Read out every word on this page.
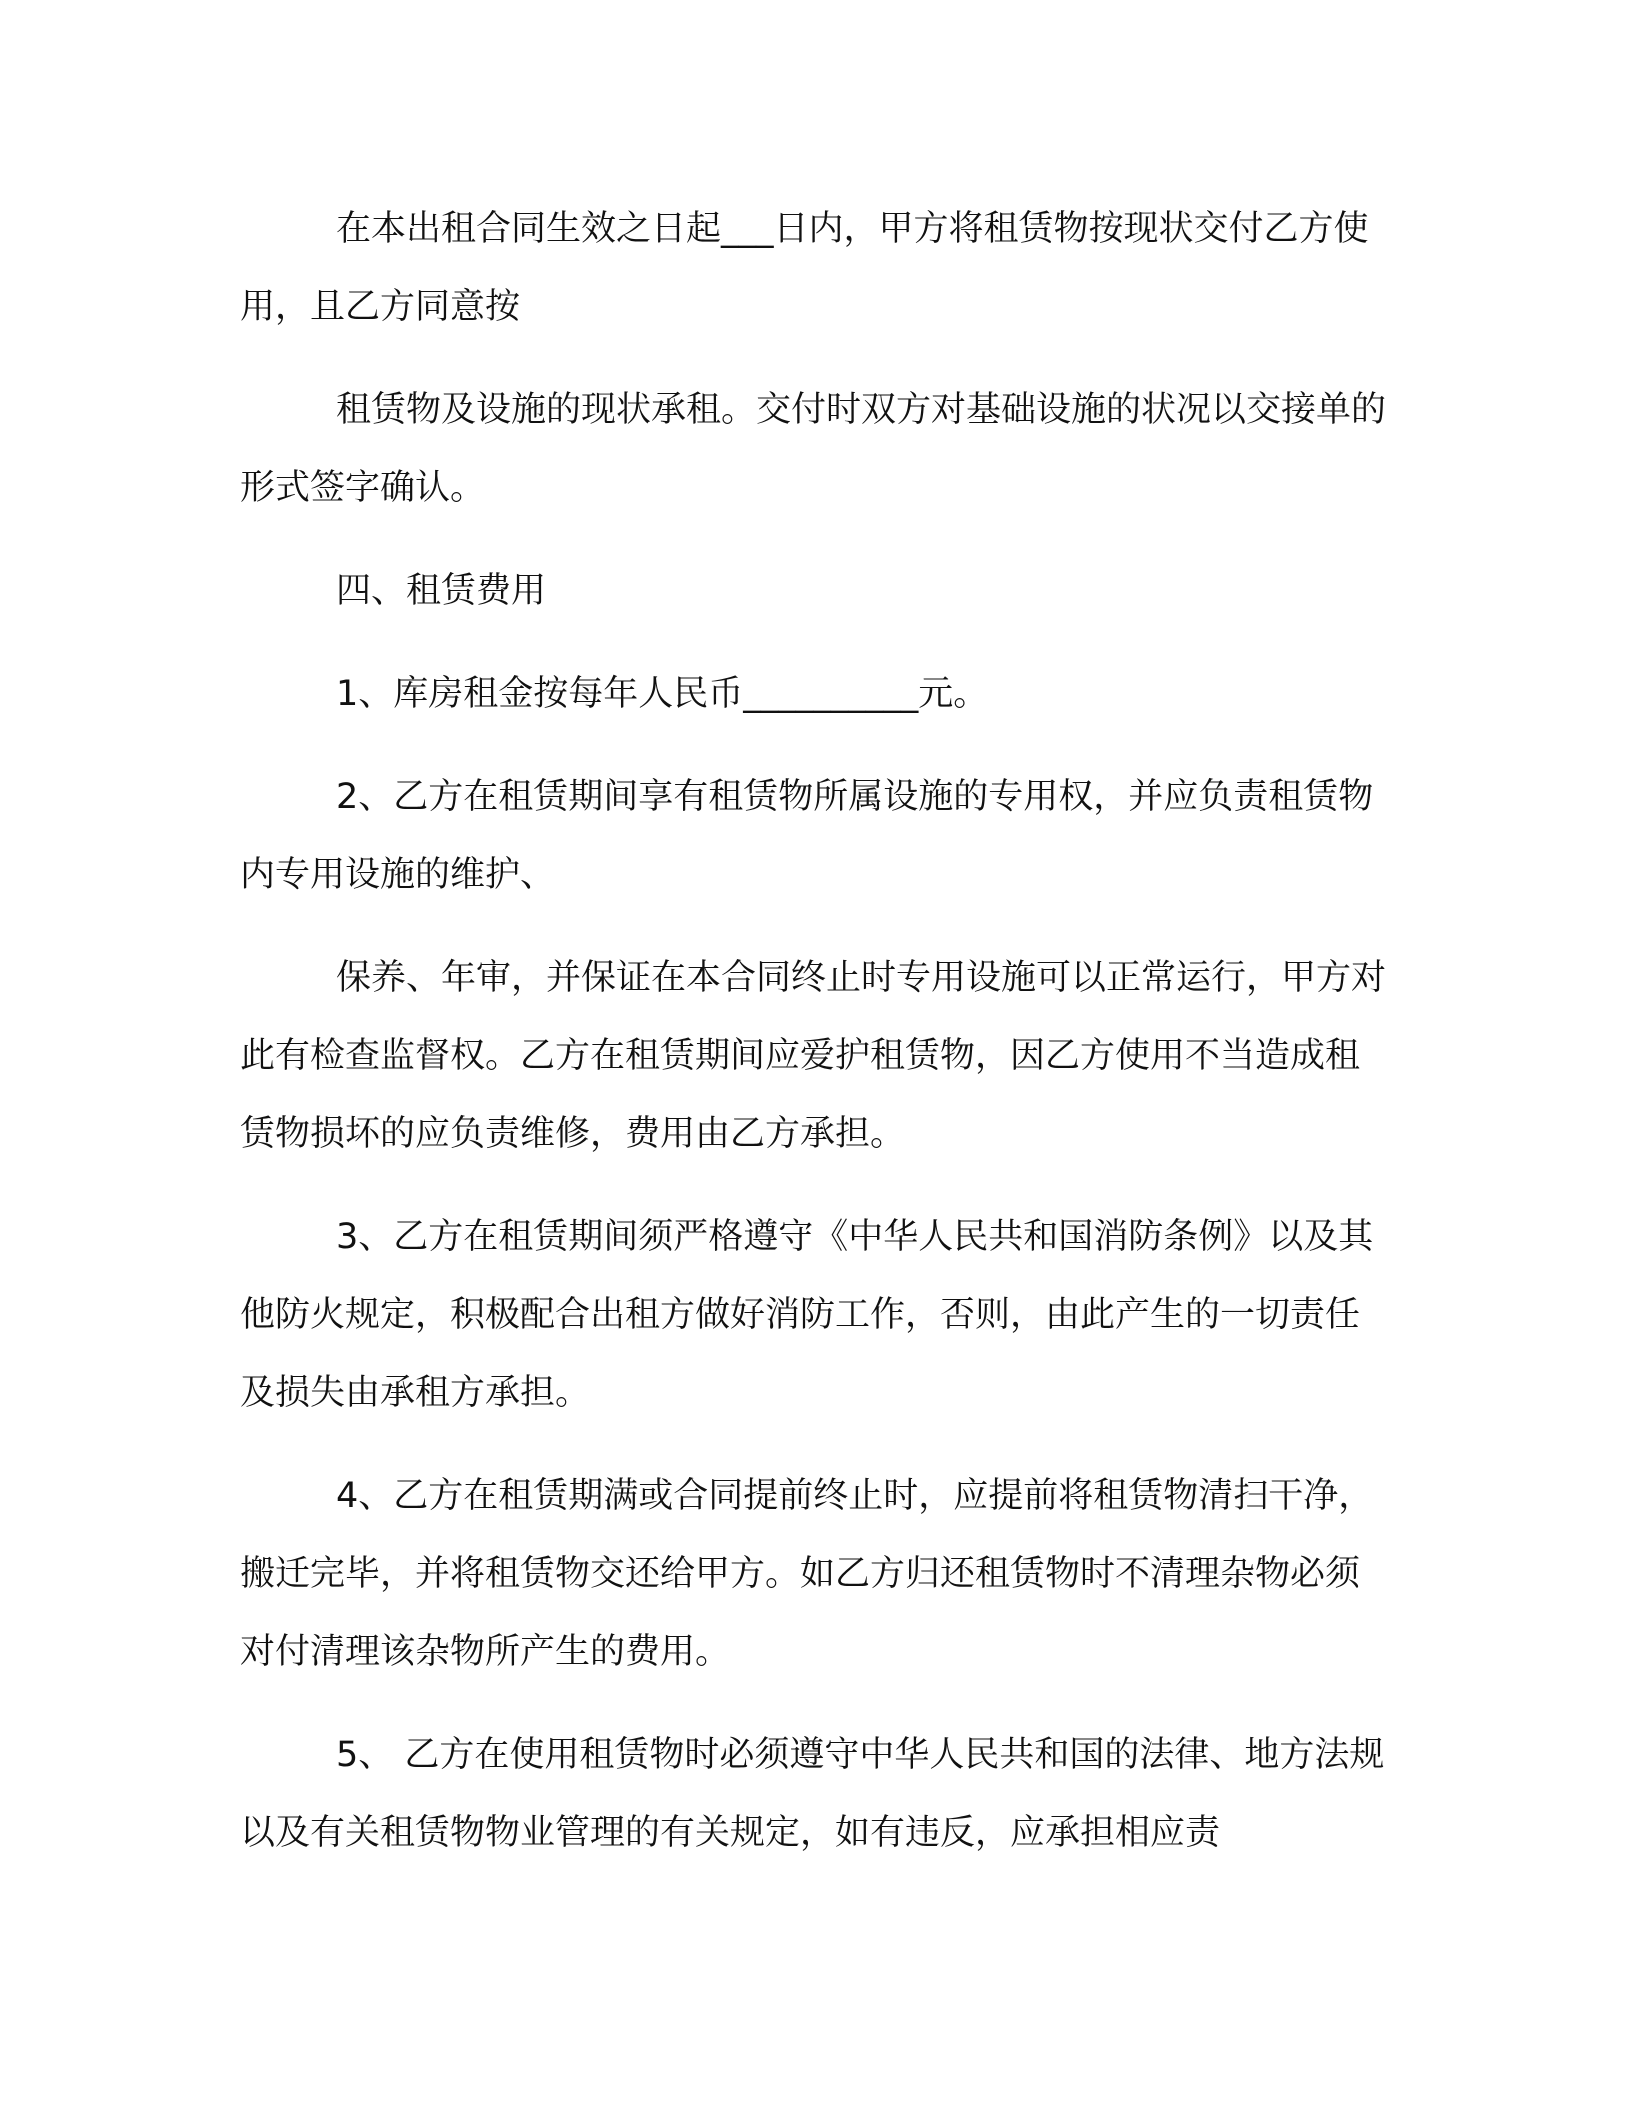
在本出租合同生效之日起___日内，甲方将租赁物按现状交付乙方使用，且乙方同意按

租赁物及设施的现状承租。交付时双方对基础设施的状况以交接单的形式签字确认。

四、租赁费用

1、库房租金按每年人民币__________元。

2、乙方在租赁期间享有租赁物所属设施的专用权，并应负责租赁物内专用设施的维护、

保养、年审，并保证在本合同终止时专用设施可以正常运行，甲方对此有检查监督权。乙方在租赁期间应爱护租赁物，因乙方使用不当造成租赁物损坏的应负责维修，费用由乙方承担。

3、乙方在租赁期间须严格遵守《中华人民共和国消防条例》以及其他防火规定，积极配合出租方做好消防工作，否则，由此产生的一切责任及损失由承租方承担。

4、乙方在租赁期满或合同提前终止时，应提前将租赁物清扫干净，搬迁完毕，并将租赁物交还给甲方。如乙方归还租赁物时不清理杂物必须对付清理该杂物所产生的费用。

5、 乙方在使用租赁物时必须遵守中华人民共和国的法律、地方法规以及有关租赁物物业管理的有关规定，如有违反，应承担相应责
